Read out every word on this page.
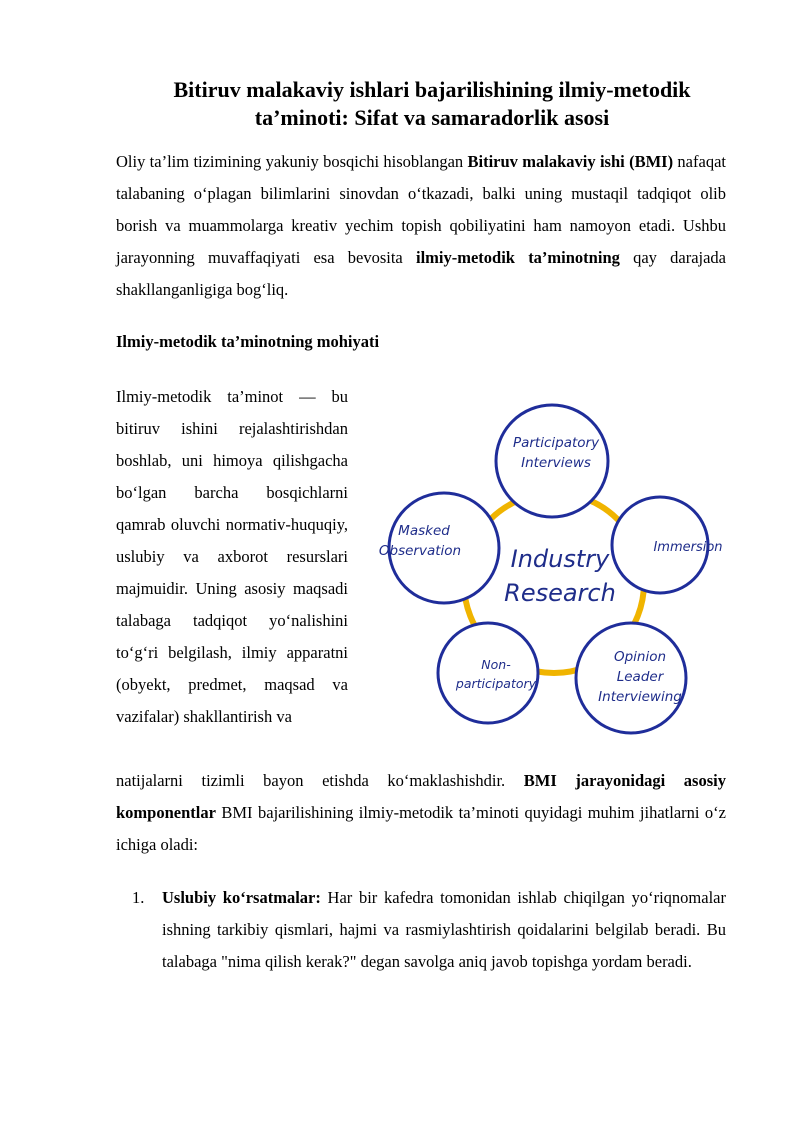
Bitiruv malakaviy ishlari bajarilishining ilmiy-metodik
ta’minoti: Sifat va samaradorlik asosi

Oliy ta’lim tizimining yakuniy bosqichi hisoblangan Bitiruv malakaviy ishi (BMI) nafaqat talabaning o‘plagan bilimlarini sinovdan o‘tkazadi, balki uning mustaqil tadqiqot olib borish va muammolarga kreativ yechim topish qobiliyatini ham namoyon etadi. Ushbu jarayonning muvaffaqiyati esa bevosita ilmiy-metodik ta’minotning qay darajada shakllanganligiga bog‘liq.

Ilmiy-metodik ta’minotning mohiyati

Ilmiy-metodik ta’minot — bu bitiruv ishini rejalashtirishdan boshlab, uni himoya qilishgacha bo‘lgan barcha bosqichlarni qamrab oluvchi normativ-huquqiy, uslubiy va axborot resurslari majmuidir. Uning asosiy maqsadi talabaga tadqiqot yo‘nalishini to‘g‘ri belgilash, ilmiy apparatni (obyekt, predmet, maqsad va vazifalar) shakllantirish va

natijalarni tizimli bayon etishda ko‘maklashishdir. BMI jarayonidagi asosiy komponentlar BMI bajarilishining ilmiy-metodik ta’minoti quyidagi muhim jihatlarni o‘z ichiga oladi:

1. Uslubiy ko‘rsatmalar: Har bir kafedra tomonidan ishlab chiqilgan yo‘riqnomalar ishning tarkibiy qismlari, hajmi va rasmiylashtirish qoidalarini belgilab beradi. Bu talabaga "nima qilish kerak?" degan savolga aniq javob topishga yordam beradi.

Industry
Research
Participatory
Interviews
Immersion
Opinion
Leader
Interviewing
Non-
participatory
Masked
Observation
